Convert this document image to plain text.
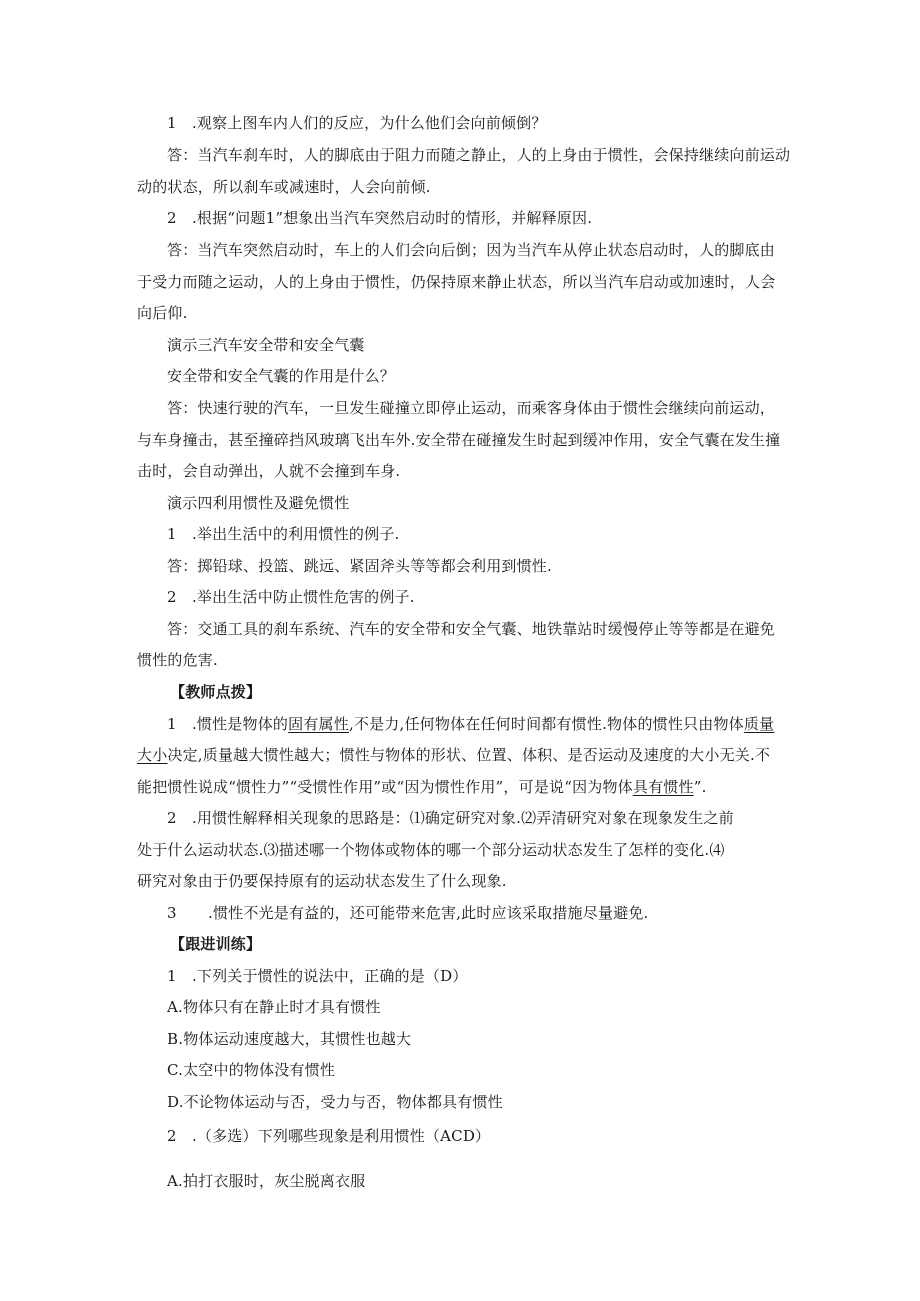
1　.观察上图车内人们的反应，为什么他们会向前倾倒？
答：当汽车刹车时，人的脚底由于阻力而随之静止，人的上身由于惯性，会保持继续向前运动
动的状态，所以刹车或减速时，人会向前倾.
2　.根据“问题1”想象出当汽车突然启动时的情形，并解释原因.
答：当汽车突然启动时，车上的人们会向后倒；因为当汽车从停止状态启动时，人的脚底由
于受力而随之运动，人的上身由于惯性，仍保持原来静止状态，所以当汽车启动或加速时，人会
向后仰.
演示三汽车安全带和安全气囊
安全带和安全气囊的作用是什么？
答：快速行驶的汽车，一旦发生碰撞立即停止运动，而乘客身体由于惯性会继续向前运动，
与车身撞击，甚至撞碎挡风玻璃飞出车外.安全带在碰撞发生时起到缓冲作用，安全气囊在发生撞
击时，会自动弹出，人就不会撞到车身.
演示四利用惯性及避免惯性
1　.举出生活中的利用惯性的例子.
答：掷铅球、投篮、跳远、紧固斧头等等都会利用到惯性.
2　.举出生活中防止惯性危害的例子.
答：交通工具的刹车系统、汽车的安全带和安全气囊、地铁靠站时缓慢停止等等都是在避免
惯性的危害.
【教师点拨】
1　.惯性是物体的固有属性,不是力,任何物体在任何时间都有惯性.物体的惯性只由物体质量
大小决定,质量越大惯性越大；惯性与物体的形状、位置、体积、是否运动及速度的大小无关.不
能把惯性说成“惯性力”“受惯性作用”或“因为惯性作用”，可是说“因为物体具有惯性”.
2　.用惯性解释相关现象的思路是：⑴确定研究对象.⑵弄清研究对象在现象发生之前
处于什么运动状态.⑶描述哪一个物体或物体的哪一个部分运动状态发生了怎样的变化.⑷
研究对象由于仍要保持原有的运动状态发生了什么现象.
3 .惯性不光是有益的，还可能带来危害,此时应该采取措施尽量避免.
【跟进训练】
1　.下列关于惯性的说法中，正确的是（D）
A.物体只有在静止时才具有惯性
B.物体运动速度越大，其惯性也越大
C.太空中的物体没有惯性
D.不论物体运动与否，受力与否，物体都具有惯性
2　.（多选）下列哪些现象是利用惯性（ACD）
A.拍打衣服时，灰尘脱离衣服
